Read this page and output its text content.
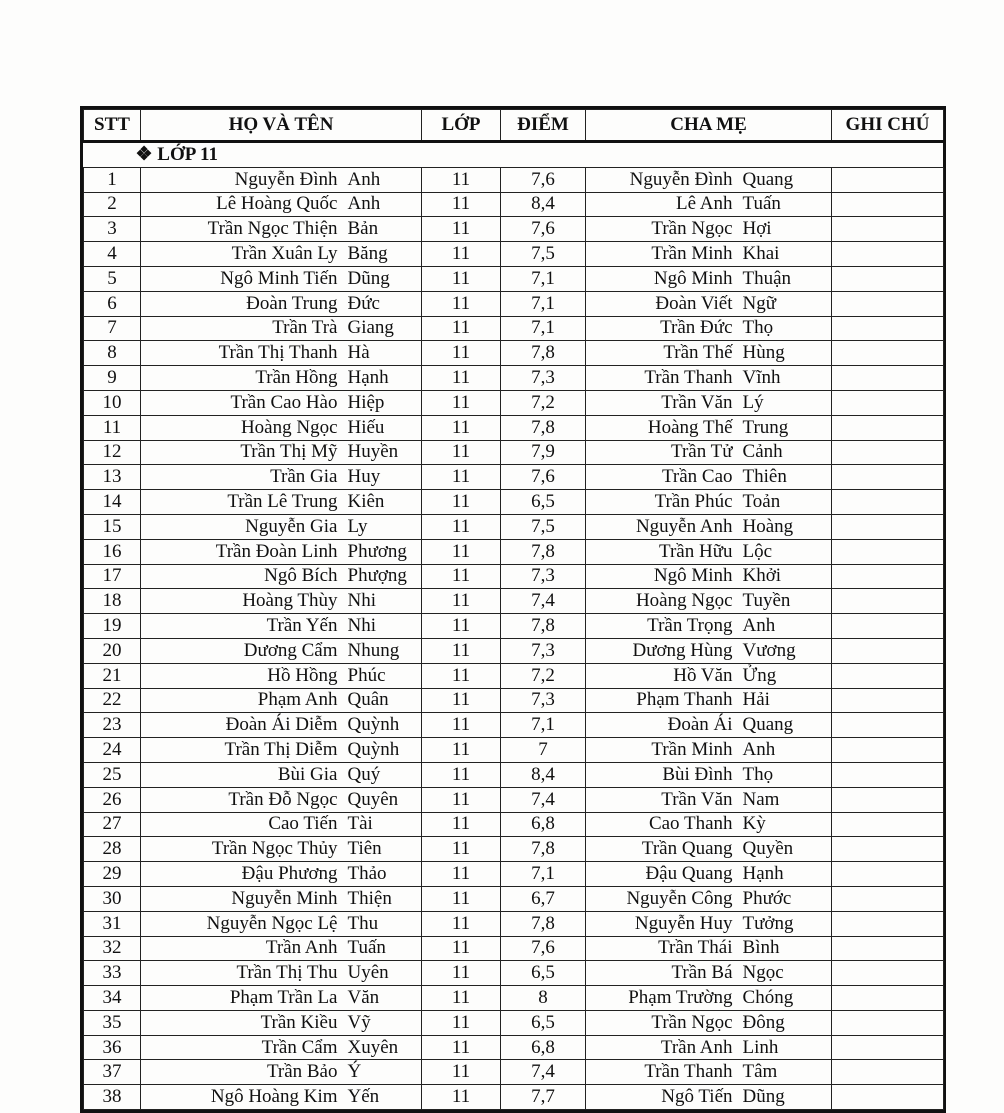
STT	HỌ VÀ TÊN		LỚP	ĐIỂM	CHA MẸ		GHI CHÚ
❖ LỚP 11							
1	Nguyễn Đình	Anh	11	7,6	Nguyễn Đình	Quang	
2	Lê Hoàng Quốc	Anh	11	8,4	Lê Anh	Tuấn	
3	Trần Ngọc Thiện	Bản	11	7,6	Trần Ngọc	Hợi	
4	Trần Xuân Ly	Băng	11	7,5	Trần Minh	Khai	
5	Ngô Minh Tiến	Dũng	11	7,1	Ngô Minh	Thuận	
6	Đoàn Trung	Đức	11	7,1	Đoàn Viết	Ngữ	
7	Trần Trà	Giang	11	7,1	Trần Đức	Thọ	
8	Trần Thị Thanh	Hà	11	7,8	Trần Thế	Hùng	
9	Trần Hồng	Hạnh	11	7,3	Trần Thanh	Vĩnh	
10	Trần Cao Hào	Hiệp	11	7,2	Trần Văn	Lý	
11	Hoàng Ngọc	Hiếu	11	7,8	Hoàng Thế	Trung	
12	Trần Thị Mỹ	Huyền	11	7,9	Trần Tử	Cảnh	
13	Trần Gia	Huy	11	7,6	Trần Cao	Thiên	
14	Trần Lê Trung	Kiên	11	6,5	Trần Phúc	Toản	
15	Nguyễn Gia	Ly	11	7,5	Nguyễn Anh	Hoàng	
16	Trần Đoàn Linh	Phương	11	7,8	Trần Hữu	Lộc	
17	Ngô Bích	Phượng	11	7,3	Ngô Minh	Khởi	
18	Hoàng Thùy	Nhi	11	7,4	Hoàng Ngọc	Tuyền	
19	Trần Yến	Nhi	11	7,8	Trần Trọng	Anh	
20	Dương Cẩm	Nhung	11	7,3	Dương Hùng	Vương	
21	Hồ Hồng	Phúc	11	7,2	Hồ Văn	Ửng	
22	Phạm Anh	Quân	11	7,3	Phạm Thanh	Hải	
23	Đoàn Ái Diễm	Quỳnh	11	7,1	Đoàn Ái	Quang	
24	Trần Thị Diễm	Quỳnh	11	7	Trần Minh	Anh	
25	Bùi Gia	Quý	11	8,4	Bùi Đình	Thọ	
26	Trần Đỗ Ngọc	Quyên	11	7,4	Trần Văn	Nam	
27	Cao Tiến	Tài	11	6,8	Cao Thanh	Kỳ	
28	Trần Ngọc Thủy	Tiên	11	7,8	Trần Quang	Quyền	
29	Đậu Phương	Thảo	11	7,1	Đậu Quang	Hạnh	
30	Nguyễn Minh	Thiện	11	6,7	Nguyễn Công	Phước	
31	Nguyễn Ngọc Lệ	Thu	11	7,8	Nguyễn Huy	Tưởng	
32	Trần Anh	Tuấn	11	7,6	Trần Thái	Bình	
33	Trần Thị Thu	Uyên	11	6,5	Trần Bá	Ngọc	
34	Phạm Trần La	Văn	11	8	Phạm Trường	Chóng	
35	Trần Kiều	Vỹ	11	6,5	Trần Ngọc	Đông	
36	Trần Cẩm	Xuyên	11	6,8	Trần Anh	Linh	
37	Trần Bảo	Ý	11	7,4	Trần Thanh	Tâm	
38	Ngô Hoàng Kim	Yến	11	7,7	Ngô Tiến	Dũng	
